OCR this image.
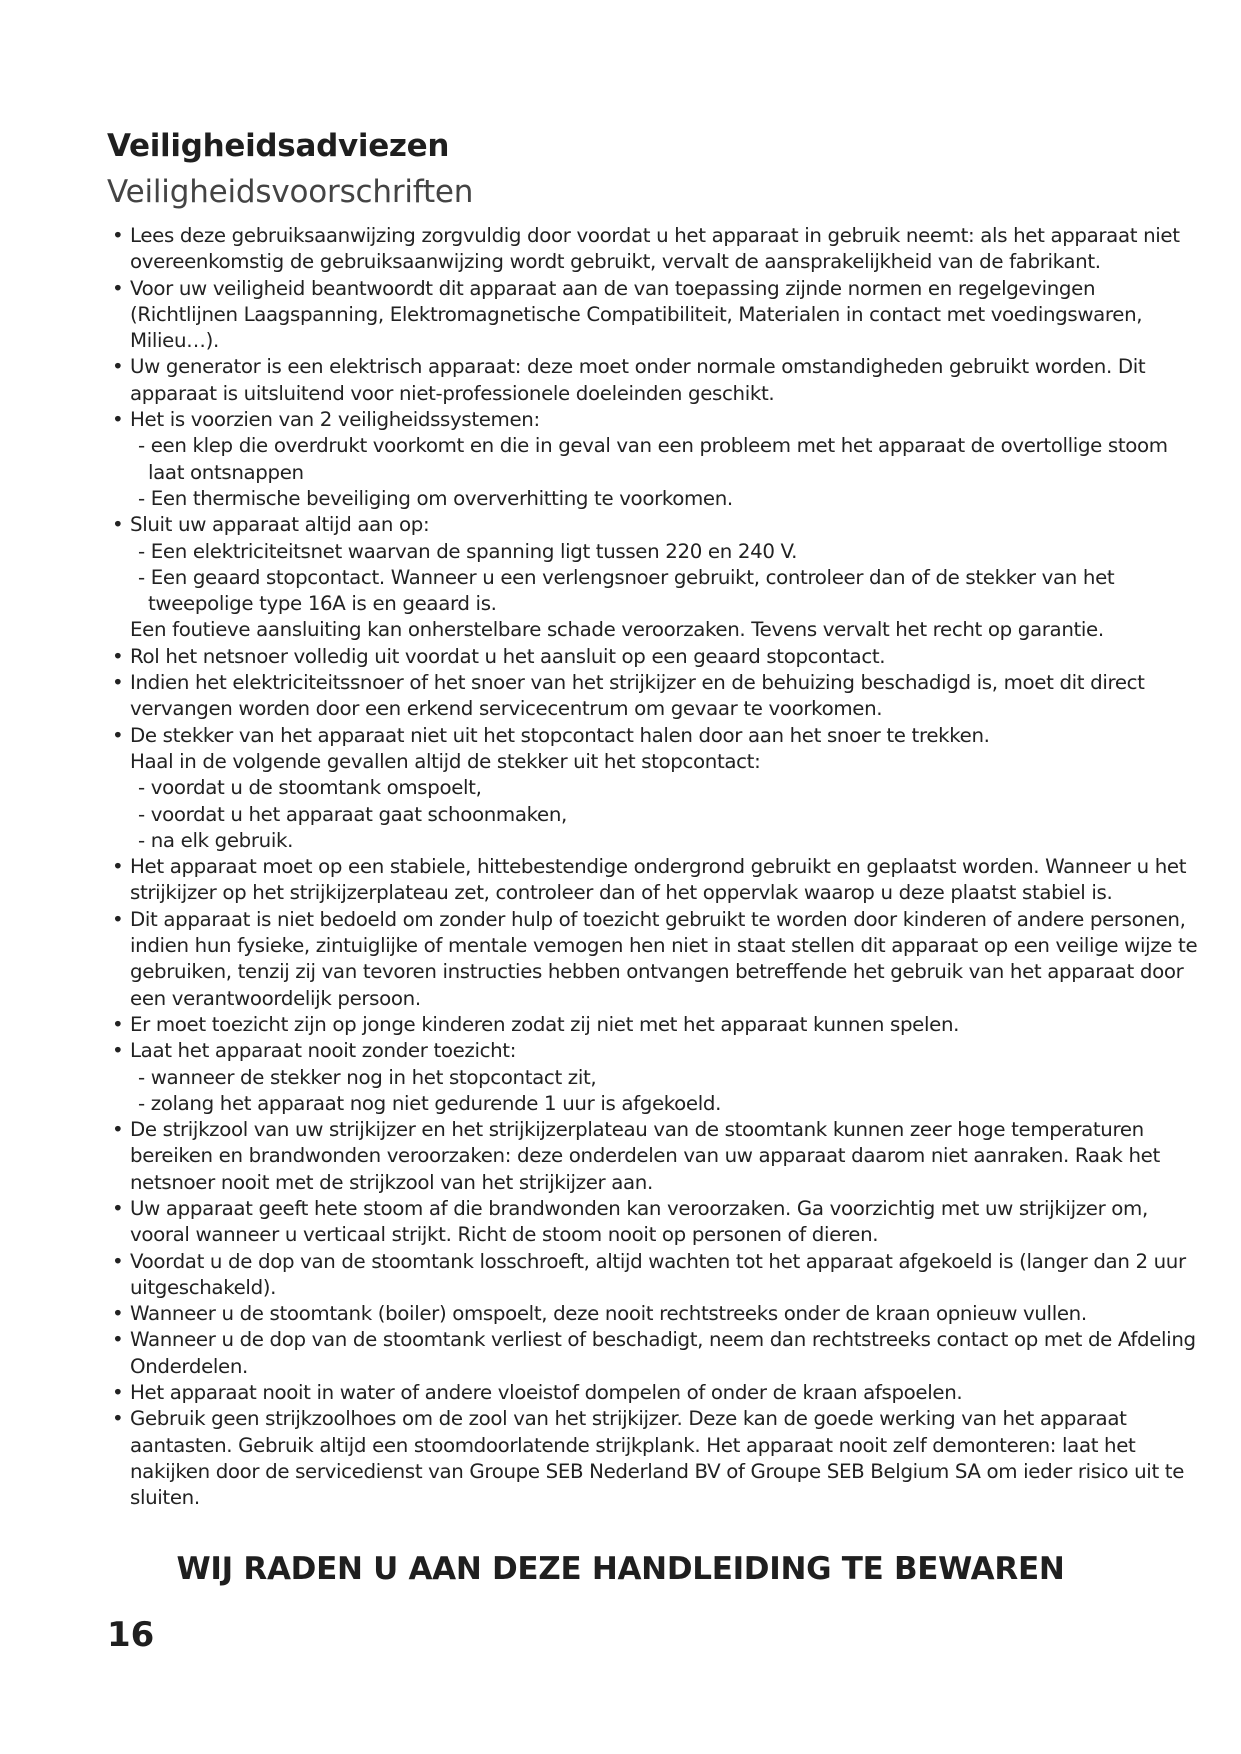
Veiligheidsadviezen
Veiligheidsvoorschriften
• Lees deze gebruiksaanwijzing zorgvuldig door voordat u het apparaat in gebruik neemt: als het apparaat niet overeenkomstig de gebruiksaanwijzing wordt gebruikt, vervalt de aansprakelijkheid van de fabrikant.
• Voor uw veiligheid beantwoordt dit apparaat aan de van toepassing zijnde normen en regelgevingen (Richtlijnen Laagspanning, Elektromagnetische Compatibiliteit, Materialen in contact met voedingswaren, Milieu…).
• Uw generator is een elektrisch apparaat: deze moet onder normale omstandigheden gebruikt worden. Dit apparaat is uitsluitend voor niet-professionele doeleinden geschikt.
• Het is voorzien van 2 veiligheidssystemen:
- een klep die overdrukt voorkomt en die in geval van een probleem met het apparaat de overtollige stoom laat ontsnappen
- Een thermische beveiliging om oververhitting te voorkomen.
• Sluit uw apparaat altijd aan op:
- Een elektriciteitsnet waarvan de spanning ligt tussen 220 en 240 V.
- Een geaard stopcontact. Wanneer u een verlengsnoer gebruikt, controleer dan of de stekker van het tweepolige type 16A is en geaard is.
Een foutieve aansluiting kan onherstelbare schade veroorzaken. Tevens vervalt het recht op garantie.
• Rol het netsnoer volledig uit voordat u het aansluit op een geaard stopcontact.
• Indien het elektriciteitssnoer of het snoer van het strijkijzer en de behuizing beschadigd is, moet dit direct vervangen worden door een erkend servicecentrum om gevaar te voorkomen.
• De stekker van het apparaat niet uit het stopcontact halen door aan het snoer te trekken.
Haal in de volgende gevallen altijd de stekker uit het stopcontact:
- voordat u de stoomtank omspoelt,
- voordat u het apparaat gaat schoonmaken,
- na elk gebruik.
• Het apparaat moet op een stabiele, hittebestendige ondergrond gebruikt en geplaatst worden. Wanneer u het strijkijzer op het strijkijzerplateau zet, controleer dan of het oppervlak waarop u deze plaatst stabiel is.
• Dit apparaat is niet bedoeld om zonder hulp of toezicht gebruikt te worden door kinderen of andere personen, indien hun fysieke, zintuiglijke of mentale vemogen hen niet in staat stellen dit apparaat op een veilige wijze te gebruiken, tenzij zij van tevoren instructies hebben ontvangen betreffende het gebruik van het apparaat door een verantwoordelijk persoon.
• Er moet toezicht zijn op jonge kinderen zodat zij niet met het apparaat kunnen spelen.
• Laat het apparaat nooit zonder toezicht:
- wanneer de stekker nog in het stopcontact zit,
- zolang het apparaat nog niet gedurende 1 uur is afgekoeld.
• De strijkzool van uw strijkijzer en het strijkijzerplateau van de stoomtank kunnen zeer hoge temperaturen bereiken en brandwonden veroorzaken: deze onderdelen van uw apparaat daarom niet aanraken. Raak het netsnoer nooit met de strijkzool van het strijkijzer aan.
• Uw apparaat geeft hete stoom af die brandwonden kan veroorzaken. Ga voorzichtig met uw strijkijzer om, vooral wanneer u verticaal strijkt. Richt de stoom nooit op personen of dieren.
• Voordat u de dop van de stoomtank losschroeft, altijd wachten tot het apparaat afgekoeld is (langer dan 2 uur uitgeschakeld).
• Wanneer u de stoomtank (boiler) omspoelt, deze nooit rechtstreeks onder de kraan opnieuw vullen.
• Wanneer u de dop van de stoomtank verliest of beschadigt, neem dan rechtstreeks contact op met de Afdeling Onderdelen.
• Het apparaat nooit in water of andere vloeistof dompelen of onder de kraan afspoelen.
• Gebruik geen strijkzoolhoes om de zool van het strijkijzer. Deze kan de goede werking van het apparaat aantasten. Gebruik altijd een stoomdoorlatende strijkplank. Het apparaat nooit zelf demonteren: laat het nakijken door de servicedienst van Groupe SEB Nederland BV of Groupe SEB Belgium SA om ieder risico uit te sluiten.

WIJ RADEN U AAN DEZE HANDLEIDING TE BEWAREN

16
